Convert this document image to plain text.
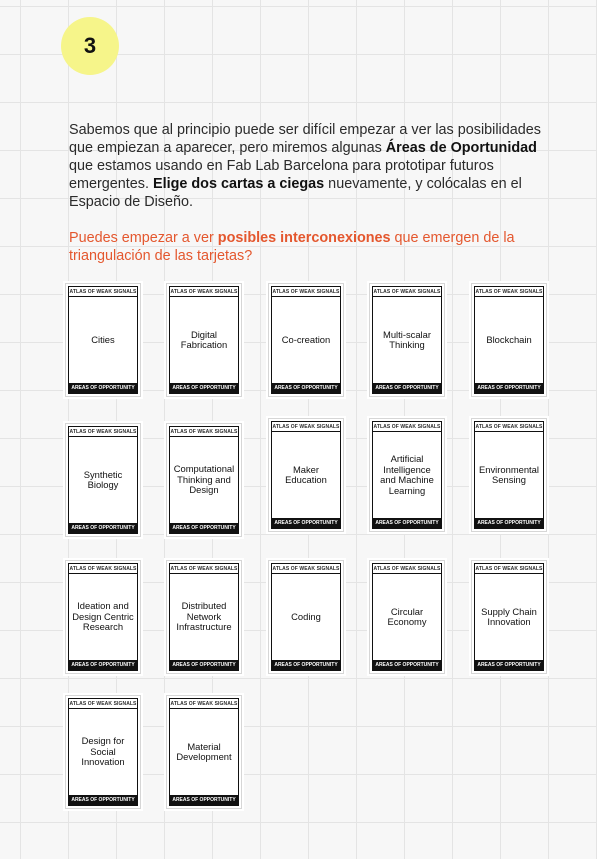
3

Sabemos que al principio puede ser difícil empezar a ver las posibilidades que empiezan a aparecer, pero miremos algunas Áreas de Oportunidad que estamos usando en Fab Lab Barcelona para prototipar futuros emergentes. Elige dos cartas a ciegas nuevamente, y colócalas en el Espacio de Diseño.

Puedes empezar a ver posibles interconexiones que emergen de la triangulación de las tarjetas?

ATLAS OF WEAK SIGNALS
Cities
AREAS OF OPPORTUNITY
ATLAS OF WEAK SIGNALS
Digital
Fabrication
AREAS OF OPPORTUNITY
ATLAS OF WEAK SIGNALS
Co-creation
AREAS OF OPPORTUNITY
ATLAS OF WEAK SIGNALS
Multi-scalar
Thinking
AREAS OF OPPORTUNITY
ATLAS OF WEAK SIGNALS
Blockchain
AREAS OF OPPORTUNITY
ATLAS OF WEAK SIGNALS
Synthetic
Biology
AREAS OF OPPORTUNITY
ATLAS OF WEAK SIGNALS
Computational
Thinking and
Design
AREAS OF OPPORTUNITY
ATLAS OF WEAK SIGNALS
Maker
Education
AREAS OF OPPORTUNITY
ATLAS OF WEAK SIGNALS
Artificial
Intelligence
and Machine
Learning
AREAS OF OPPORTUNITY
ATLAS OF WEAK SIGNALS
Environmental
Sensing
AREAS OF OPPORTUNITY
ATLAS OF WEAK SIGNALS
Ideation and
Design Centric
Research
AREAS OF OPPORTUNITY
ATLAS OF WEAK SIGNALS
Distributed
Network
Infrastructure
AREAS OF OPPORTUNITY
ATLAS OF WEAK SIGNALS
Coding
AREAS OF OPPORTUNITY
ATLAS OF WEAK SIGNALS
Circular
Economy
AREAS OF OPPORTUNITY
ATLAS OF WEAK SIGNALS
Supply Chain
Innovation
AREAS OF OPPORTUNITY
ATLAS OF WEAK SIGNALS
Design for
Social
Innovation
AREAS OF OPPORTUNITY
ATLAS OF WEAK SIGNALS
Material
Development
AREAS OF OPPORTUNITY
